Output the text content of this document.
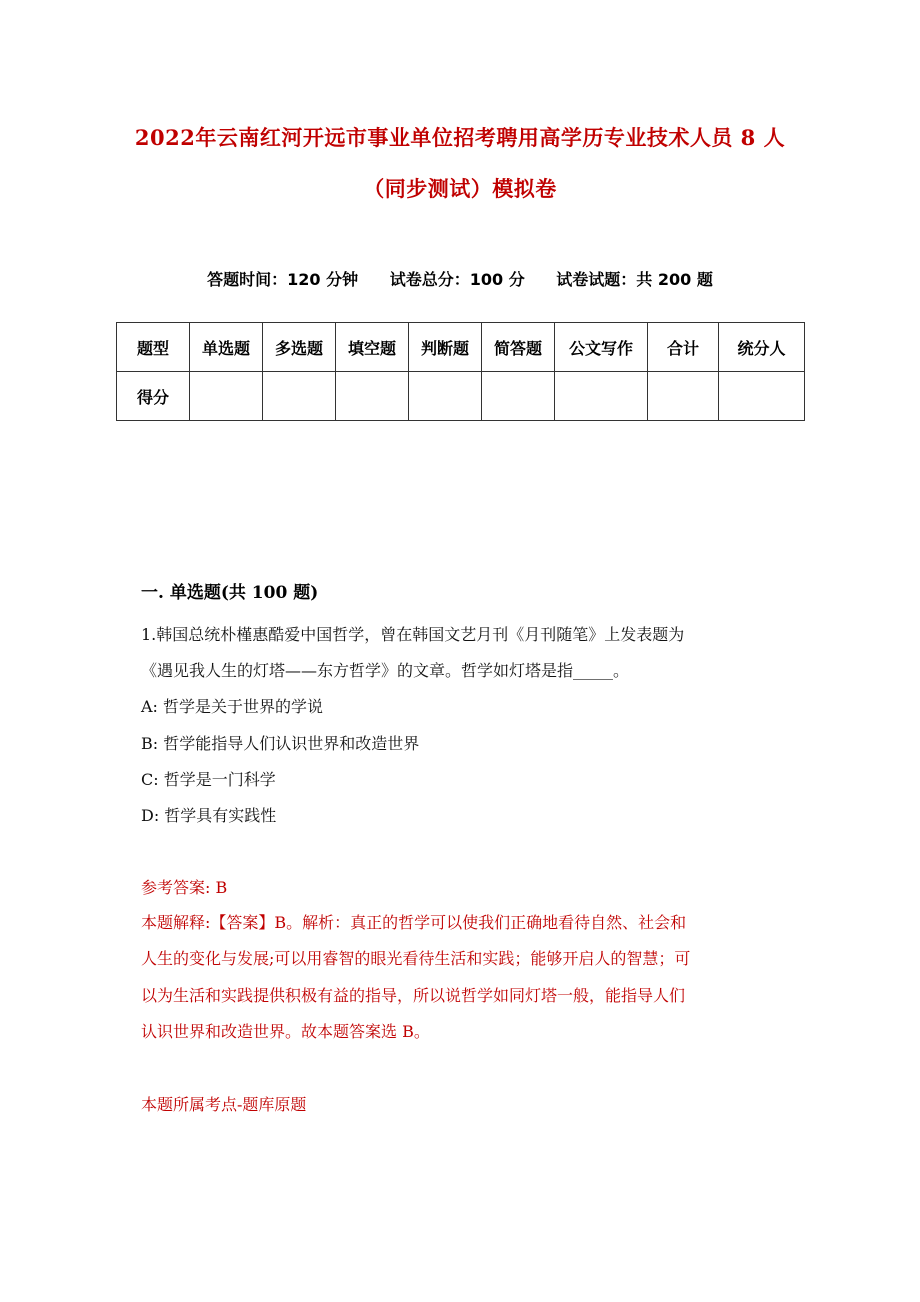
2022年云南红河开远市事业单位招考聘用高学历专业技术人员 8 人
（同步测试）模拟卷
答题时间：120 分钟 试卷总分：100 分 试卷试题：共 200 题
题型	单选题	多选题	填空题	判断题	简答题	公文写作	合计	统分人
得分								
一. 单选题(共 100 题)
1.韩国总统朴槿惠酷爱中国哲学，曾在韩国文艺月刊《月刊随笔》上发表题为
《遇见我人生的灯塔——东方哲学》的文章。哲学如灯塔是指_____。
A: 哲学是关于世界的学说
B: 哲学能指导人们认识世界和改造世界
C: 哲学是一门科学
D: 哲学具有实践性
参考答案: B
本题解释:【答案】B。解析：真正的哲学可以使我们正确地看待自然、社会和
人生的变化与发展;可以用睿智的眼光看待生活和实践；能够开启人的智慧；可
以为生活和实践提供积极有益的指导，所以说哲学如同灯塔一般，能指导人们
认识世界和改造世界。故本题答案选 B。
本题所属考点-题库原题
